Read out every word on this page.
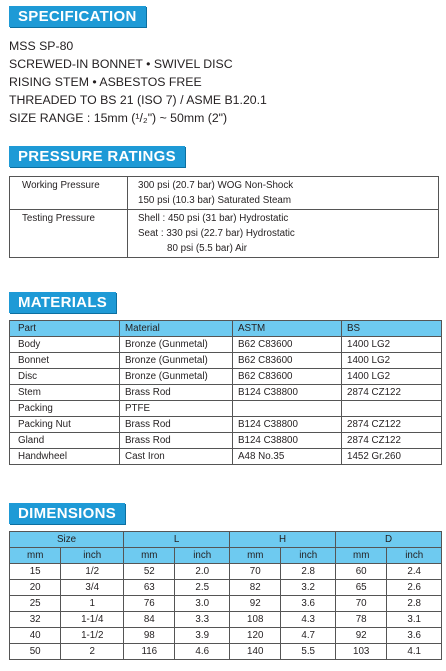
SPECIFICATION
MSS SP-80
SCREWED-IN BONNET • SWIVEL DISC
RISING STEM • ASBESTOS FREE
THREADED TO BS 21 (ISO 7) / ASME B1.20.1
SIZE RANGE : 15mm (¹/₂") ~ 50mm (2")
PRESSURE RATINGS
Working Pressure	300 psi (20.7 bar) WOG Non-Shock
150 psi (10.3 bar) Saturated Steam

Testing Pressure	Shell : 450 psi (31 bar) Hydrostatic
Seat : 330 psi (22.7 bar) Hydrostatic
80 psi (5.5 bar) Air
MATERIALS
Part	Material	ASTM	BS
Body	Bronze (Gunmetal)	B62 C83600	1400 LG2
Bonnet	Bronze (Gunmetal)	B62 C83600	1400 LG2
Disc	Bronze (Gunmetal)	B62 C83600	1400 LG2
Stem	Brass Rod	B124 C38800	2874 CZ122
Packing	PTFE		
Packing Nut	Brass Rod	B124 C38800	2874 CZ122
Gland	Brass Rod	B124 C38800	2874 CZ122
Handwheel	Cast Iron	A48 No.35	1452 Gr.260
DIMENSIONS
Size		L		H		D	
mm	inch	mm	inch	mm	inch	mm	inch
15	1/2	52	2.0	70	2.8	60	2.4
20	3/4	63	2.5	82	3.2	65	2.6
25	1	76	3.0	92	3.6	70	2.8
32	1-1/4	84	3.3	108	4.3	78	3.1
40	1-1/2	98	3.9	120	4.7	92	3.6
50	2	116	4.6	140	5.5	103	4.1
